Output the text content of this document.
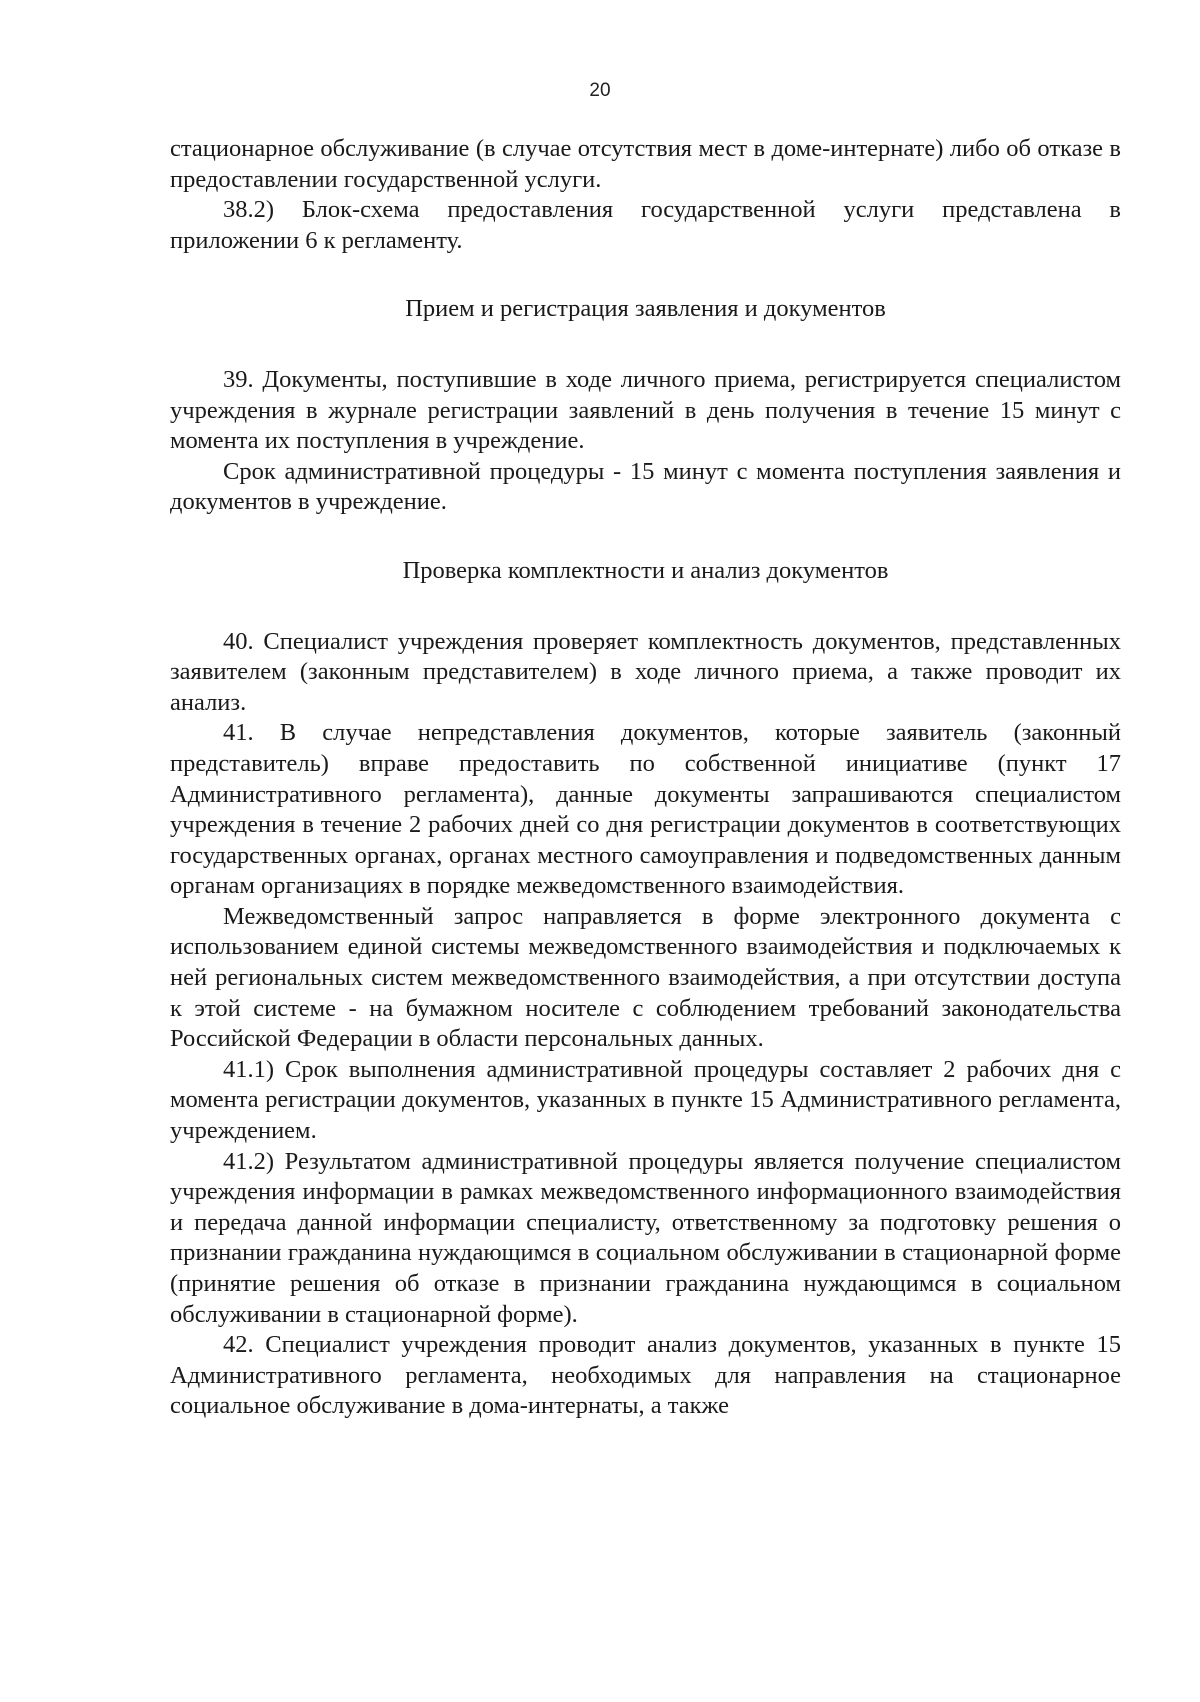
20

стационарное обслуживание (в случае отсутствия мест в доме-интернате) либо об отказе в предоставлении государственной услуги.

38.2) Блок-схема предоставления государственной услуги представлена в приложении 6 к регламенту.

Прием и регистрация заявления и документов

39. Документы, поступившие в ходе личного приема, регистрируется специалистом учреждения в журнале регистрации заявлений в день получения в течение 15 минут с момента их поступления в учреждение.

Срок административной процедуры - 15 минут с момента поступления заявления и документов в учреждение.

Проверка комплектности и анализ документов

40. Специалист учреждения проверяет комплектность документов, представленных заявителем (законным представителем) в ходе личного приема, а также проводит их анализ.

41. В случае непредставления документов, которые заявитель (законный представитель) вправе предоставить по собственной инициативе (пункт 17 Административного регламента), данные документы запрашиваются специалистом учреждения в течение 2 рабочих дней со дня регистрации документов в соответствующих государственных органах, органах местного самоуправления и подведомственных данным органам организациях в порядке межведомственного взаимодействия.

Межведомственный запрос направляется в форме электронного документа с использованием единой системы межведомственного взаимодействия и подключаемых к ней региональных систем межведомственного взаимодействия, а при отсутствии доступа к этой системе - на бумажном носителе с соблюдением требований законодательства Российской Федерации в области персональных данных.

41.1) Срок выполнения административной процедуры составляет 2 рабочих дня с момента регистрации документов, указанных в пункте 15 Административного регламента, учреждением.

41.2) Результатом административной процедуры является получение специалистом учреждения информации в рамках межведомственного информационного взаимодействия и передача данной информации специалисту, ответственному за подготовку решения о признании гражданина нуждающимся в социальном обслуживании в стационарной форме (принятие решения об отказе в признании гражданина нуждающимся в социальном обслуживании в стационарной форме).

42. Специалист учреждения проводит анализ документов, указанных в пункте 15 Административного регламента, необходимых для направления на стационарное социальное обслуживание в дома-интернаты, а также
